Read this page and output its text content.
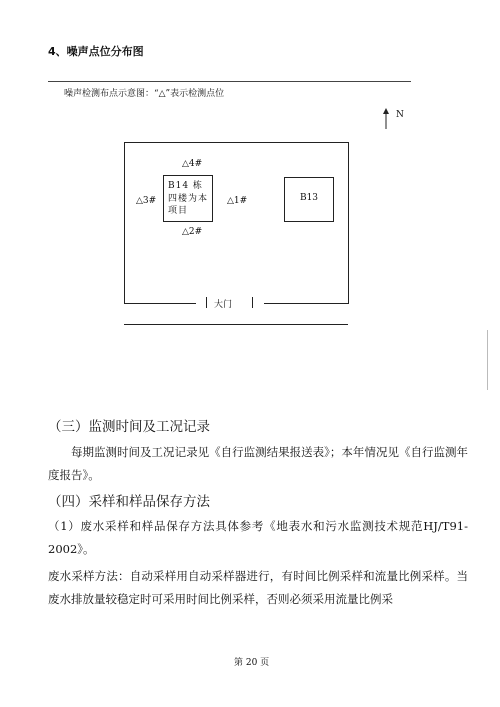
4、噪声点位分布图
噪声检测布点示意图：“△”表示检测点位
N
B14 栋四楼为本项目
B13
△4#
△3#	△1#
△2#
大门
（三）监测时间及工况记录
每期监测时间及工况记录见《自行监测结果报送表》；本年情况见《自行监测年度报告》。
（四）采样和样品保存方法
（1）废水采样和样品保存方法具体参考《地表水和污水监测技术规范HJ/T91-2002》。
废水采样方法：自动采样用自动采样器进行，有时间比例采样和流量比例采样。当废水排放量较稳定时可采用时间比例采样，否则必须采用流量比例采
第 20 页
